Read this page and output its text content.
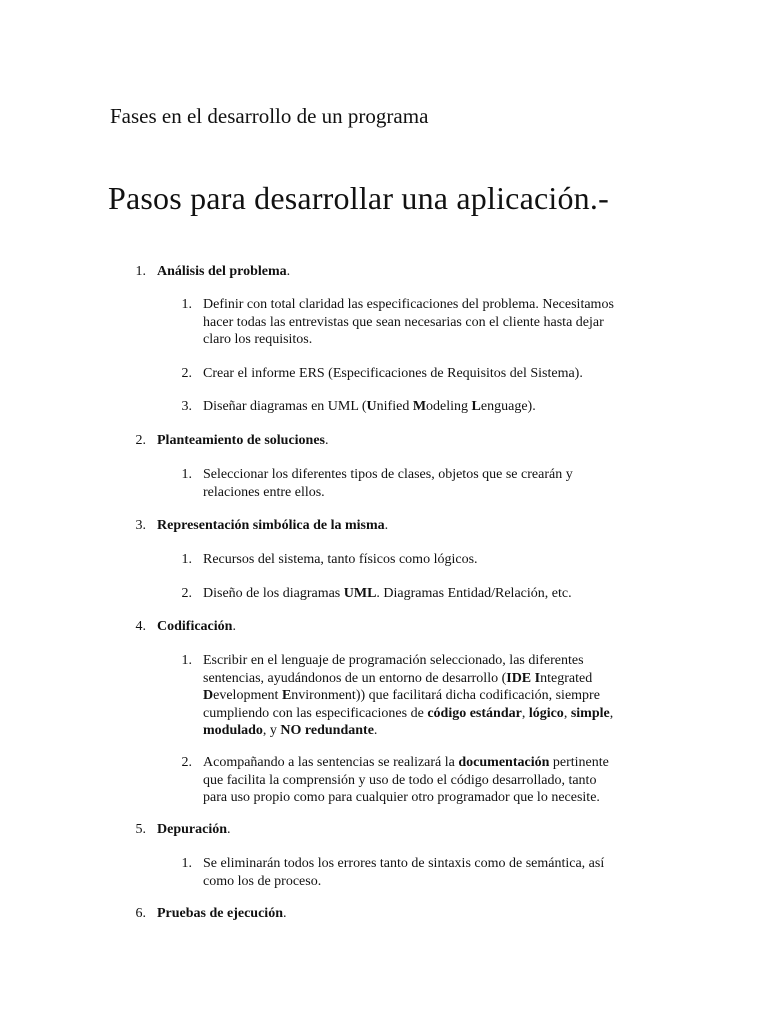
Fases en el desarrollo de un programa
Pasos para desarrollar una aplicación.-
1. Análisis del problema.
1. Definir con total claridad las especificaciones del problema. Necesitamos
hacer todas las entrevistas que sean necesarias con el cliente hasta dejar
claro los requisitos.
2. Crear el informe ERS (Especificaciones de Requisitos del Sistema).
3. Diseñar diagramas en UML (Unified Modeling Lenguage).
2. Planteamiento de soluciones.
1. Seleccionar los diferentes tipos de clases, objetos que se crearán y
relaciones entre ellos.
3. Representación simbólica de la misma.
1. Recursos del sistema, tanto físicos como lógicos.
2. Diseño de los diagramas UML. Diagramas Entidad/Relación, etc.
4. Codificación.
1. Escribir en el lenguaje de programación seleccionado, las diferentes
sentencias, ayudándonos de un entorno de desarrollo (IDE Integrated
Development Environment)) que facilitará dicha codificación, siempre
cumpliendo con las especificaciones de código estándar, lógico, simple,
modulado, y NO redundante.
2. Acompañando a las sentencias se realizará la documentación pertinente
que facilita la comprensión y uso de todo el código desarrollado, tanto
para uso propio como para cualquier otro programador que lo necesite.
5. Depuración.
1. Se eliminarán todos los errores tanto de sintaxis como de semántica, así
como los de proceso.
6. Pruebas de ejecución.
